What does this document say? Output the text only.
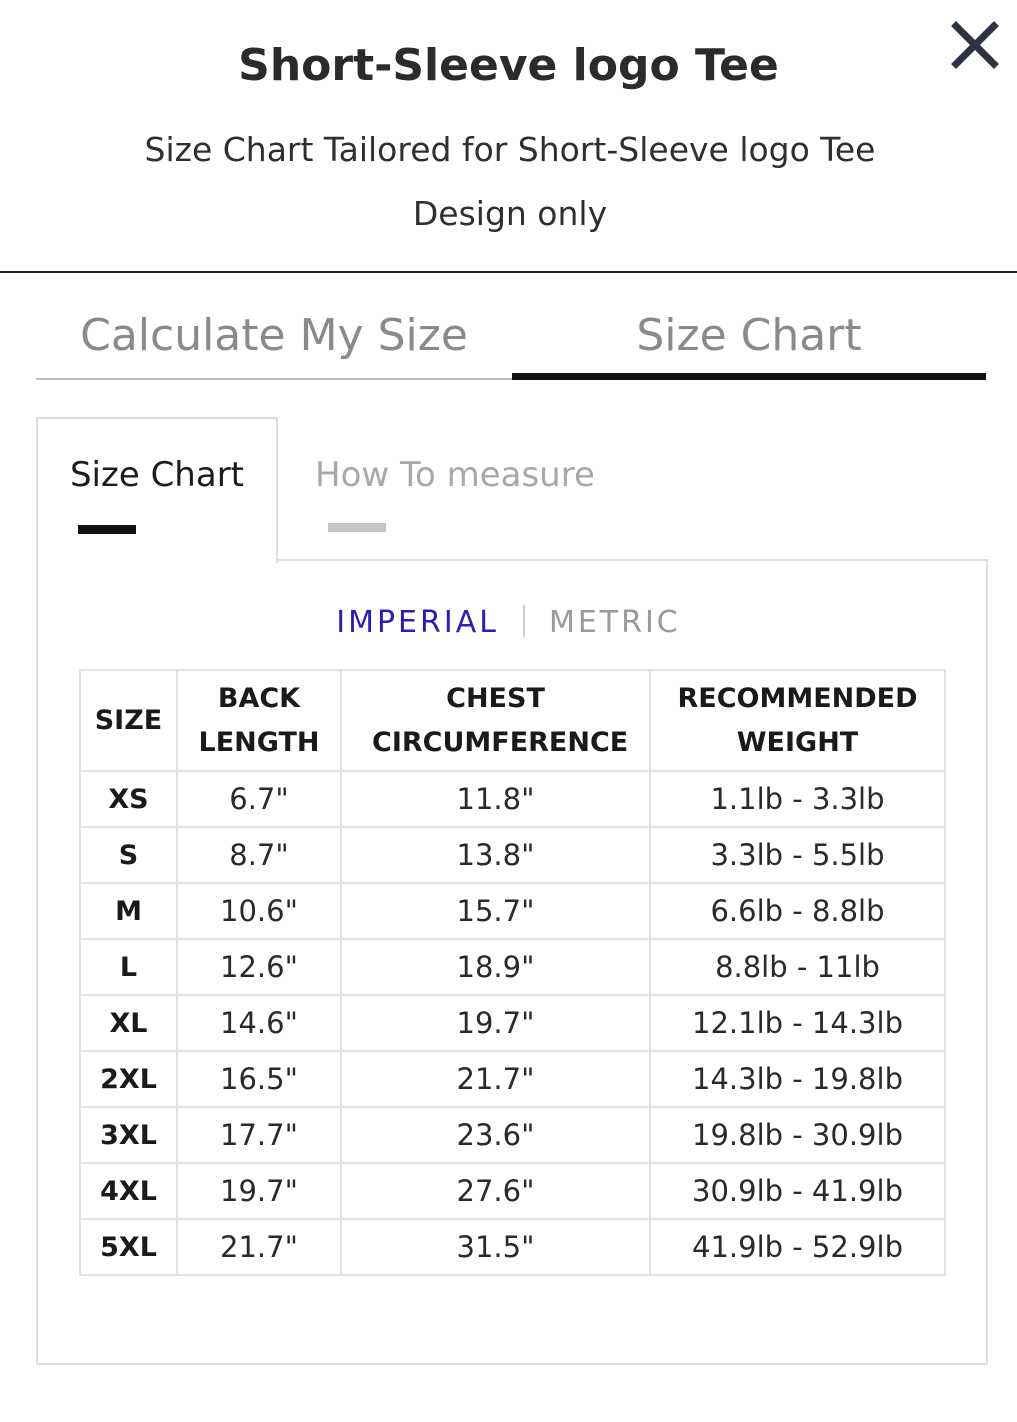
Short-Sleeve logo Tee
Size Chart Tailored for Short-Sleeve logo Tee Design only
Calculate My Size	Size Chart
Size Chart	How To measure
IMPERIAL METRIC
SIZE	BACK LENGTH	CHEST CIRCUMFERENCE	RECOMMENDED WEIGHT
XS	6.7"	11.8"	1.1lb - 3.3lb
S	8.7"	13.8"	3.3lb - 5.5lb
M	10.6"	15.7"	6.6lb - 8.8lb
L	12.6"	18.9"	8.8lb - 11lb
XL	14.6"	19.7"	12.1lb - 14.3lb
2XL	16.5"	21.7"	14.3lb - 19.8lb
3XL	17.7"	23.6"	19.8lb - 30.9lb
4XL	19.7"	27.6"	30.9lb - 41.9lb
5XL	21.7"	31.5"	41.9lb - 52.9lb
